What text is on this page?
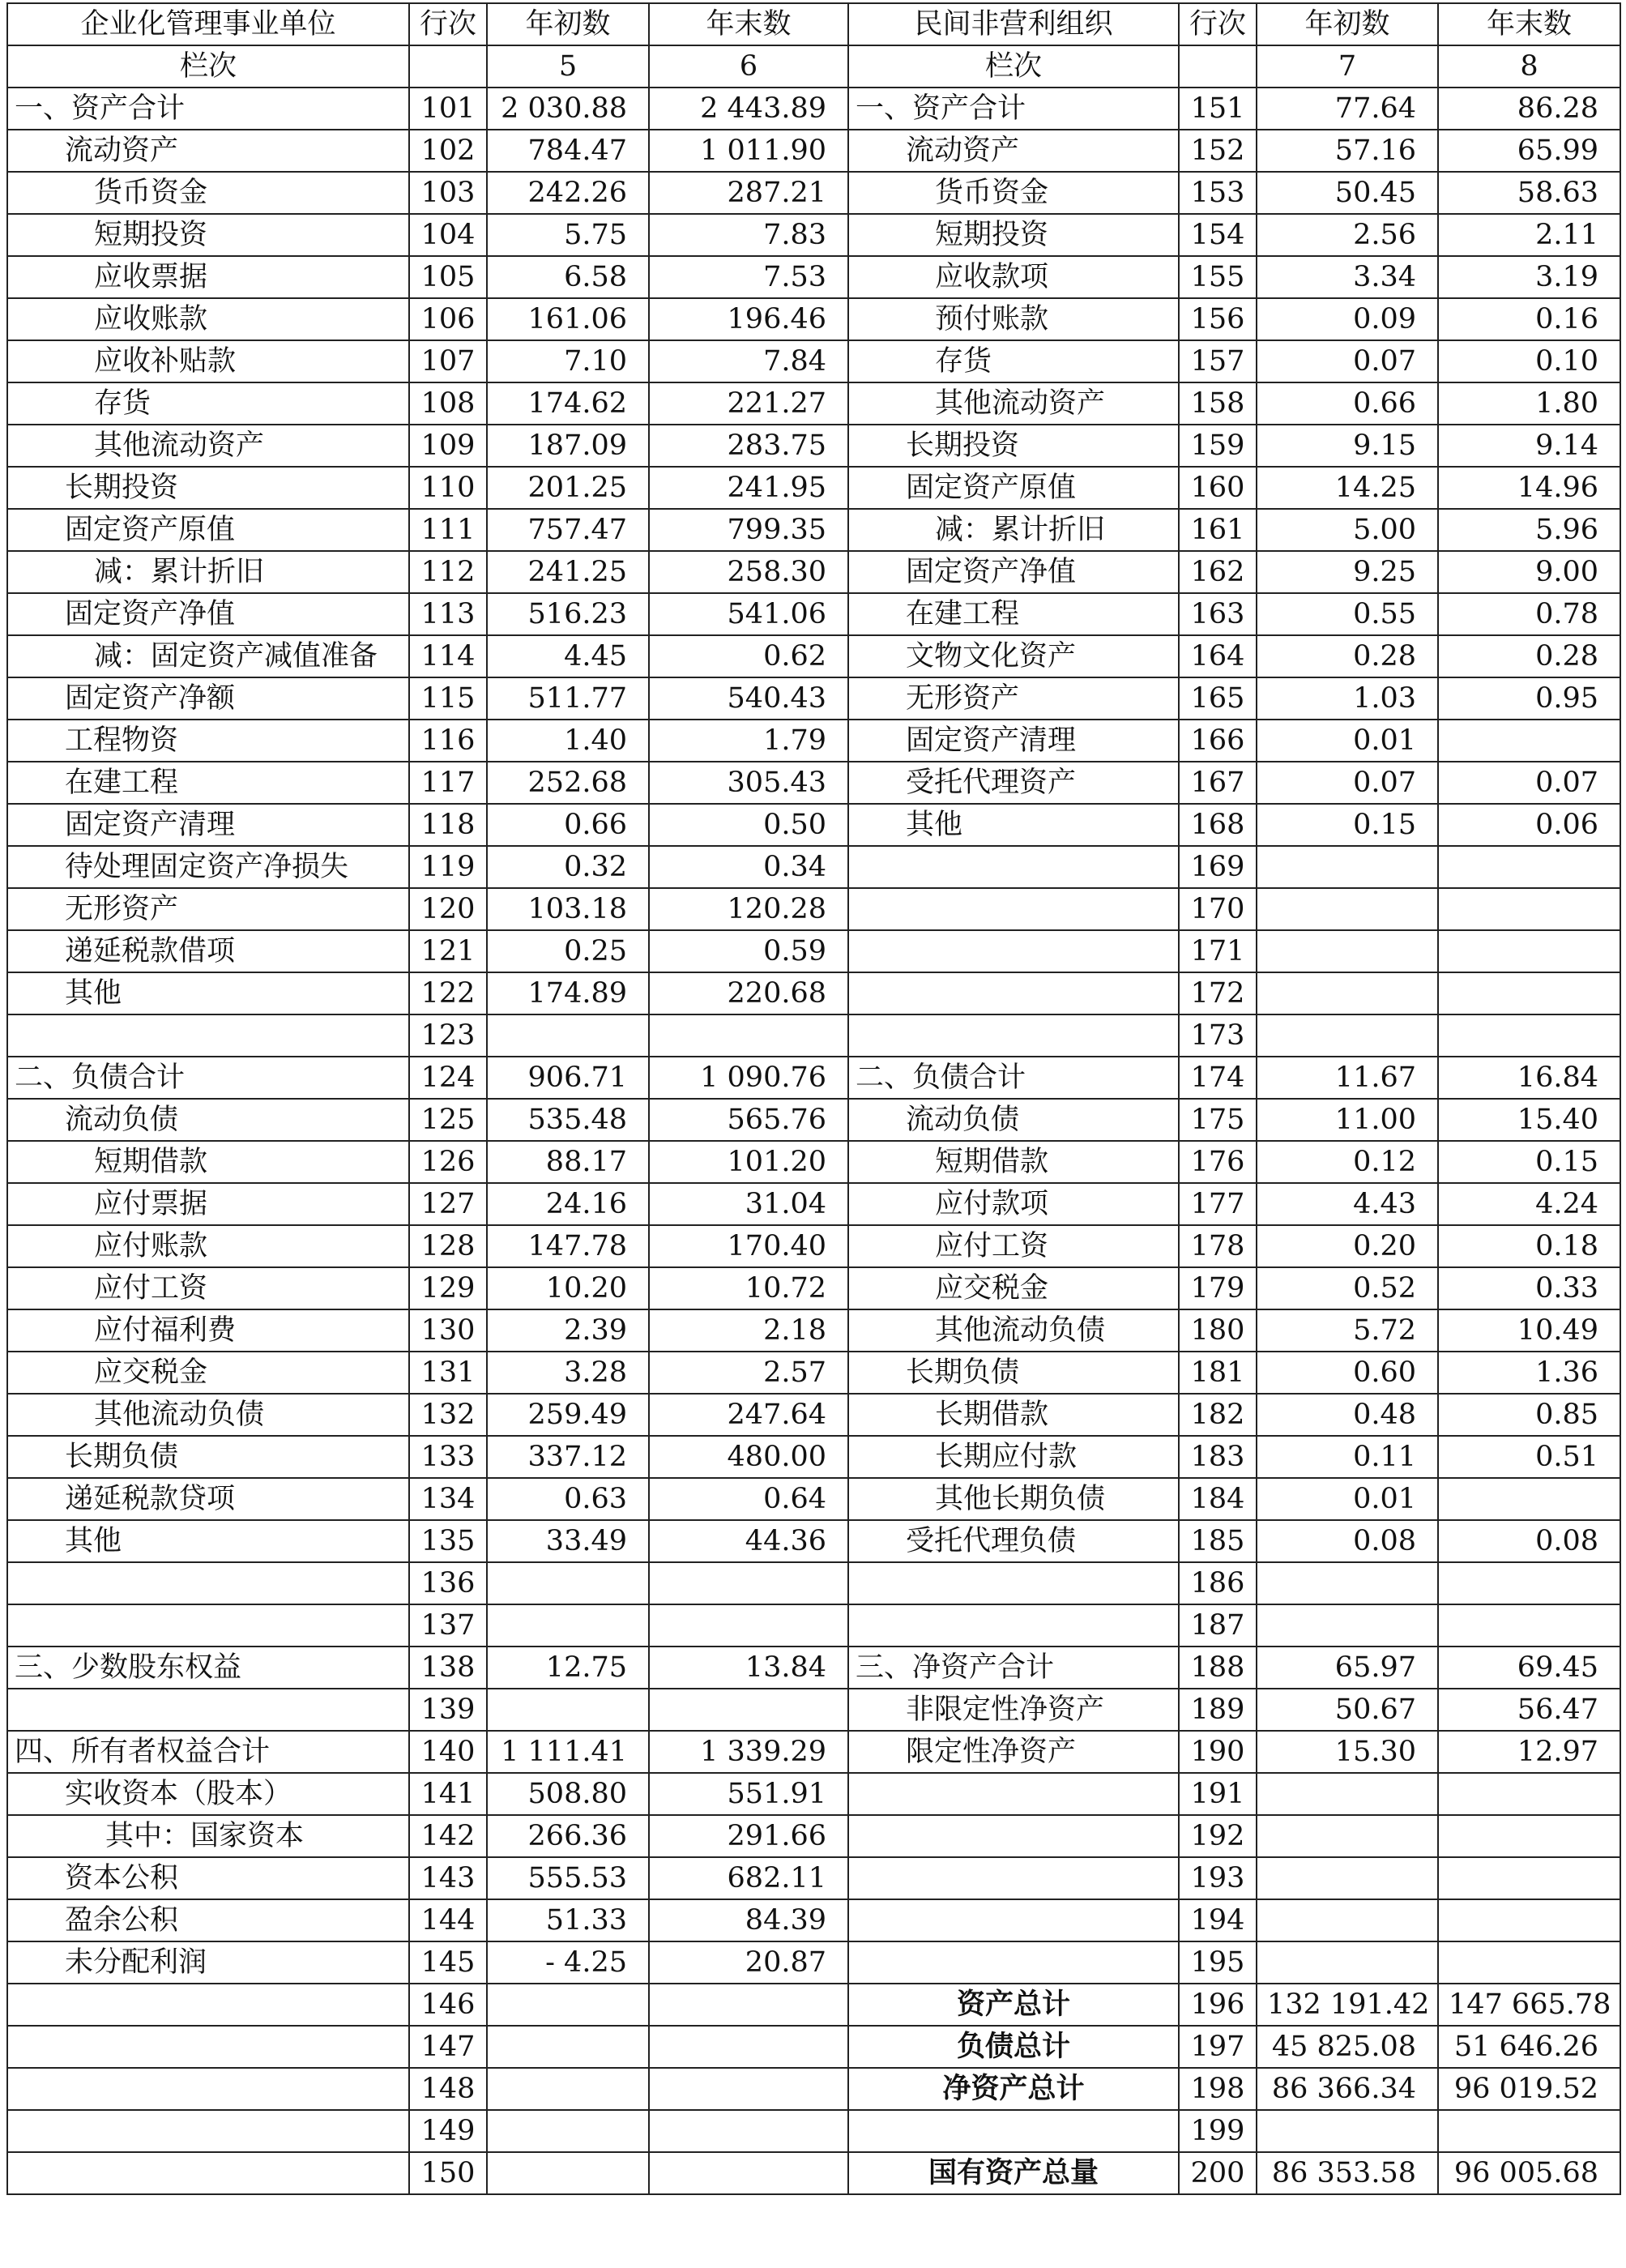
企业化管理事业单位	行次	年初数	年末数	民间非营利组织	行次	年初数	年末数
栏次		5	6	栏次		7	8
一、资产合计	101	2 030.88	2 443.89	一、资产合计	151	77.64	86.28
流动资产	102	784.47	1 011.90	流动资产	152	57.16	65.99
货币资金	103	242.26	287.21	货币资金	153	50.45	58.63
短期投资	104	5.75	7.83	短期投资	154	2.56	2.11
应收票据	105	6.58	7.53	应收款项	155	3.34	3.19
应收账款	106	161.06	196.46	预付账款	156	0.09	0.16
应收补贴款	107	7.10	7.84	存货	157	0.07	0.10
存货	108	174.62	221.27	其他流动资产	158	0.66	1.80
其他流动资产	109	187.09	283.75	长期投资	159	9.15	9.14
长期投资	110	201.25	241.95	固定资产原值	160	14.25	14.96
固定资产原值	111	757.47	799.35	减：累计折旧	161	5.00	5.96
减：累计折旧	112	241.25	258.30	固定资产净值	162	9.25	9.00
固定资产净值	113	516.23	541.06	在建工程	163	0.55	0.78
减：固定资产减值准备	114	4.45	0.62	文物文化资产	164	0.28	0.28
固定资产净额	115	511.77	540.43	无形资产	165	1.03	0.95
工程物资	116	1.40	1.79	固定资产清理	166	0.01	
在建工程	117	252.68	305.43	受托代理资产	167	0.07	0.07
固定资产清理	118	0.66	0.50	其他	168	0.15	0.06
待处理固定资产净损失	119	0.32	0.34		169		
无形资产	120	103.18	120.28		170		
递延税款借项	121	0.25	0.59		171		
其他	122	174.89	220.68		172		
	123				173		
二、负债合计	124	906.71	1 090.76	二、负债合计	174	11.67	16.84
流动负债	125	535.48	565.76	流动负债	175	11.00	15.40
短期借款	126	88.17	101.20	短期借款	176	0.12	0.15
应付票据	127	24.16	31.04	应付款项	177	4.43	4.24
应付账款	128	147.78	170.40	应付工资	178	0.20	0.18
应付工资	129	10.20	10.72	应交税金	179	0.52	0.33
应付福利费	130	2.39	2.18	其他流动负债	180	5.72	10.49
应交税金	131	3.28	2.57	长期负债	181	0.60	1.36
其他流动负债	132	259.49	247.64	长期借款	182	0.48	0.85
长期负债	133	337.12	480.00	长期应付款	183	0.11	0.51
递延税款贷项	134	0.63	0.64	其他长期负债	184	0.01	
其他	135	33.49	44.36	受托代理负债	185	0.08	0.08
	136				186		
	137				187		
三、少数股东权益	138	12.75	13.84	三、净资产合计	188	65.97	69.45
	139			非限定性净资产	189	50.67	56.47
四、所有者权益合计	140	1 111.41	1 339.29	限定性净资产	190	15.30	12.97
实收资本（股本）	141	508.80	551.91		191		
其中：国家资本	142	266.36	291.66		192		
资本公积	143	555.53	682.11		193		
盈余公积	144	51.33	84.39		194		
未分配利润	145	- 4.25	20.87		195		
	146			资产总计	196	132 191.42	147 665.78
	147			负债总计	197	45 825.08	51 646.26
	148			净资产总计	198	86 366.34	96 019.52
	149				199		
	150			国有资产总量	200	86 353.58	96 005.68
